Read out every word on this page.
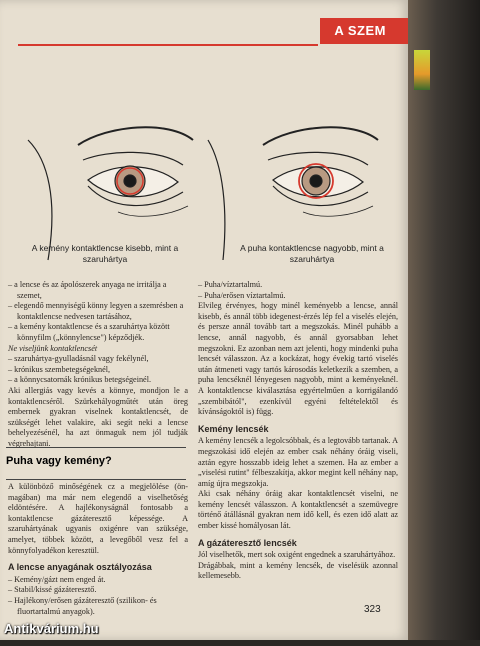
A SZEM
A kemény kontaktlencse kisebb, mint a szaruhártya
A puha kontaktlencse nagyobb, mint a szaruhártya
– a lencse és az ápolószerek anyaga ne irritálja a szemet,
– elegendő mennyiségű könny legyen a szemrésben a kontaktlencse nedvesen tartásához,
– a kemény kontaktlencse és a szaruhártya között könnyfilm („könnylencse") képződjék.
Ne viseljünk kontaktlencsét
– szaruhártya-gyulladásnál vagy fekélynél,
– krónikus szembetegségeknél,
– a könnycsatornák krónikus betegségeinél.

Aki allergiás vagy kevés a könnye, mondjon le a kontaktlencséről. Szürkehályogműtét után öreg embernek gyakran viselnek kontaktlencsét, de szükségét lehet valakire, aki segít neki a lencse behelyezésénél, ha azt önmaguk nem jól tudják végrehajtani.

Puha vagy kemény?

A különböző minőségének cz a megjelölése (ön-magában) ma már nem elegendő a viselhetőség eldöntésére. A hajlékonyságnál fontosabb a kontaktlencse gázáteresztő képessége. A szaruhártyának ugyanis oxigénre van szüksége, amelyet, többek között, a levegőből vesz fel a könnyfolyadékon keresztül.

A lencse anyagának osztályozása

– Kemény/gázt nem enged át.
– Stabil/kissé gázáteresztő.
– Hajlékony/erősen gázáteresztő (szilikon- és fluortartalmú anyagok).
– Puha/víztartalmú.
– Puha/erősen víztartalmú.

Elvileg érvényes, hogy minél keményebb a lencse, annál kisebb, és annál több idegenest-érzés lép fel a viselés elején, és persze annál tovább tart a megszokás. Minél puhább a lencse, annál nagyobb, és annál gyorsabban lehet megszokni. Ez azonban nem azt jelenti, hogy mindenki puha lencsét válasszon. Az a kockázat, hogy évekig tartó viselés után átmeneti vagy tartós károsodás keletkezik a szemben, a puha lencséknél lényegesen nagyobb, mint a keményeknél. A kontaktlencse kiválasztása egyértelműen a korrigálandó „szembibától", ezenkívül egyéni feltételektől és kívánságoktól is) függ.

Kemény lencsék

A kemény lencsék a legolcsóbbak, és a legtovább tartanak. A megszokási idő elején az ember csak néhány óráig viseli, aztán egyre hosszabb ideig lehet a szemen. Ha az ember a „viselési rutint" félbeszakítja, akkor megint kell néhány nap, amíg újra megszokja.

Aki csak néhány óráig akar kontaktlencsét viselni, ne kemény lencsét válasszon. A kontaktlencsét a szemüvegre történő átállásnál gyakran nem idő kell, és ezen idő alatt az ember kissé homályosan lát.

A gázáteresztő lencsék

Jól viselhetők, mert sok oxigént engednek a szaruhártyához.

Drágábbak, mint a kemény lencsék, de viselésük azonnal kellemesebb.

323
Antikvárium.hu
